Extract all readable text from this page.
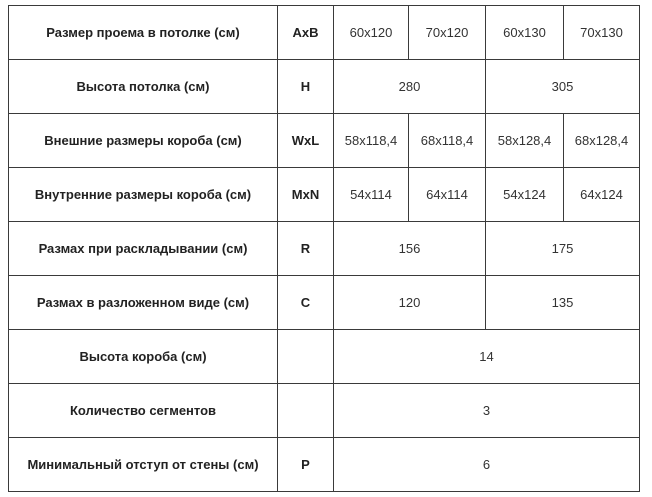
Размер проема в потолке (см)	AxB	60х120	70х120	60х130	70х130
Высота потолка (см)	H	280		305	
Внешние размеры короба (см)	WxL	58х118,4	68х118,4	58х128,4	68х128,4
Внутренние размеры короба (см)	MxN	54х114	64х114	54х124	64х124
Размах при раскладывании (см)	R	156		175	
Размах в разложенном виде (см)	C	120		135	
Высота короба (см)		14			
Количество сегментов		3			
Минимальный отступ от стены (см)	P	6			
